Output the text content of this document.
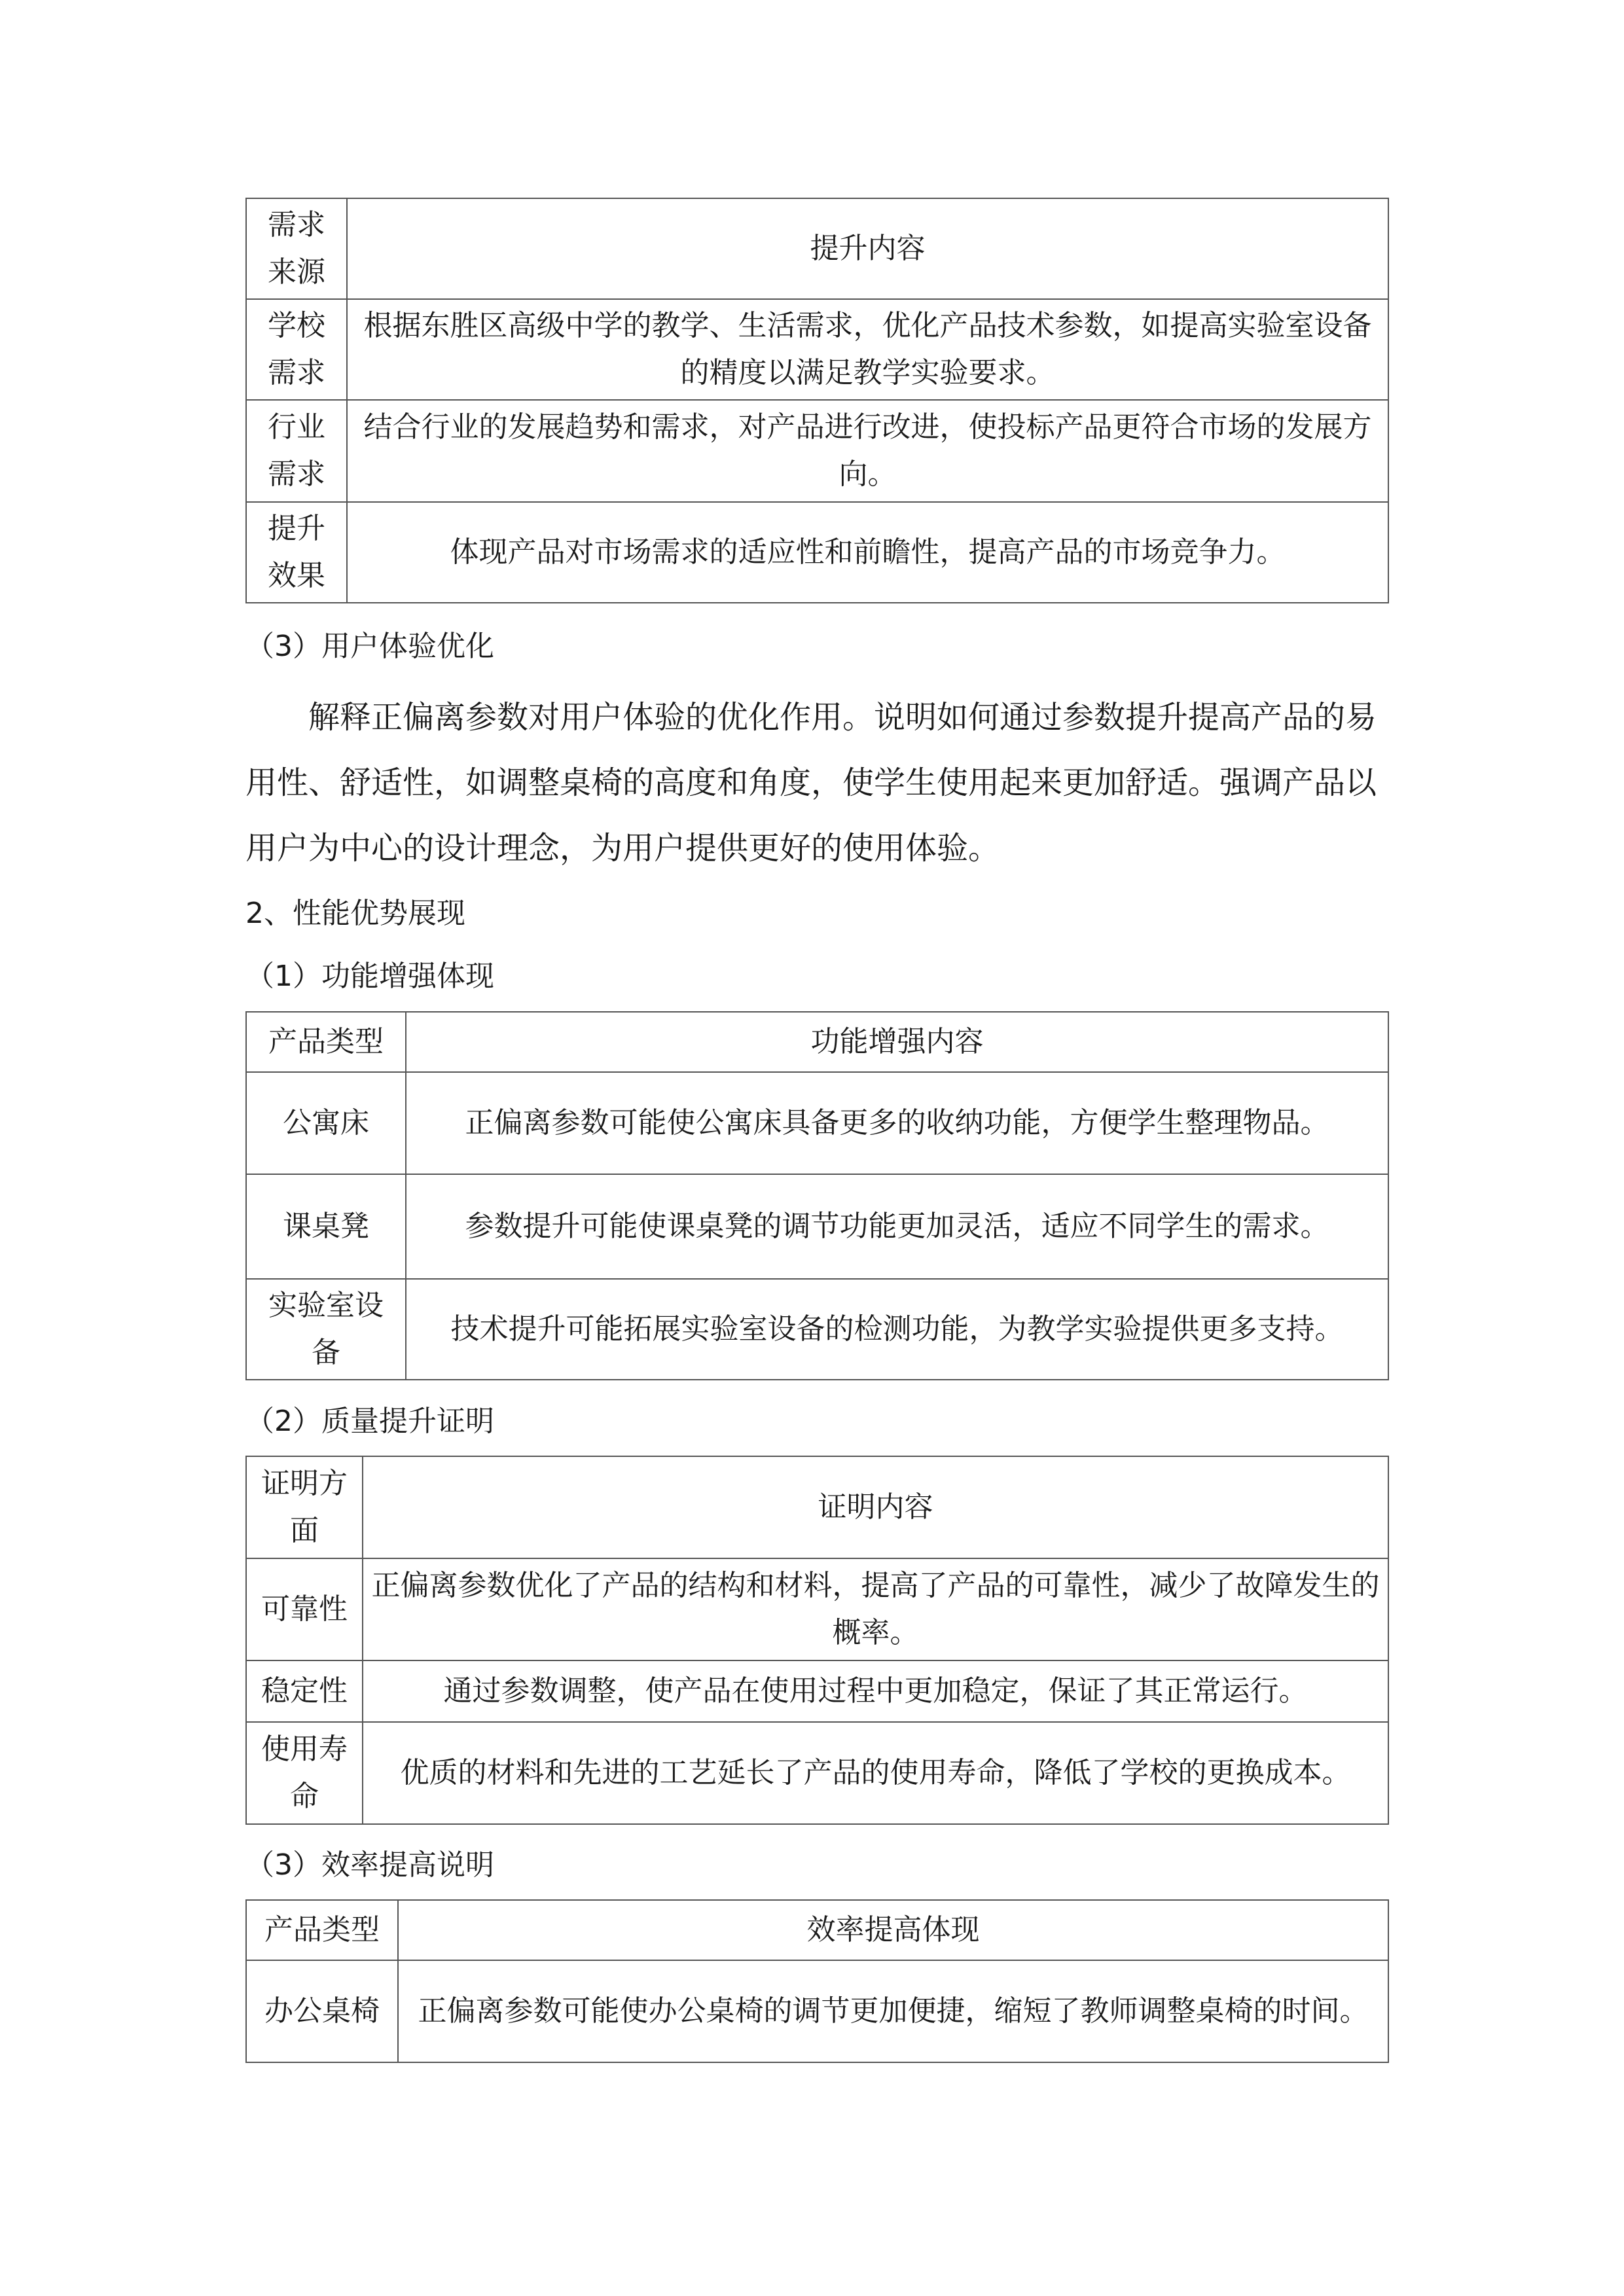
需求来源	提升内容
学校需求	根据东胜区高级中学的教学、生活需求，优化产品技术参数，如提高实验室设备的精度以满足教学实验要求。
行业需求	结合行业的发展趋势和需求，对产品进行改进，使投标产品更符合市场的发展方向。
提升效果	体现产品对市场需求的适应性和前瞻性，提高产品的市场竞争力。
（3）用户体验优化

解释正偏离参数对用户体验的优化作用。说明如何通过参数提升提高产品的易用性、舒适性，如调整桌椅的高度和角度，使学生使用起来更加舒适。强调产品以用户为中心的设计理念，为用户提供更好的使用体验。

2、性能优势展现
（1）功能增强体现
产品类型	功能增强内容
公寓床	正偏离参数可能使公寓床具备更多的收纳功能，方便学生整理物品。
课桌凳	参数提升可能使课桌凳的调节功能更加灵活，适应不同学生的需求。
实验室设备	技术提升可能拓展实验室设备的检测功能，为教学实验提供更多支持。
（2）质量提升证明
证明方面	证明内容
可靠性	正偏离参数优化了产品的结构和材料，提高了产品的可靠性，减少了故障发生的概率。
稳定性	通过参数调整，使产品在使用过程中更加稳定，保证了其正常运行。
使用寿命	优质的材料和先进的工艺延长了产品的使用寿命，降低了学校的更换成本。
（3）效率提高说明
产品类型	效率提高体现
办公桌椅	正偏离参数可能使办公桌椅的调节更加便捷，缩短了教师调整桌椅的时间。
